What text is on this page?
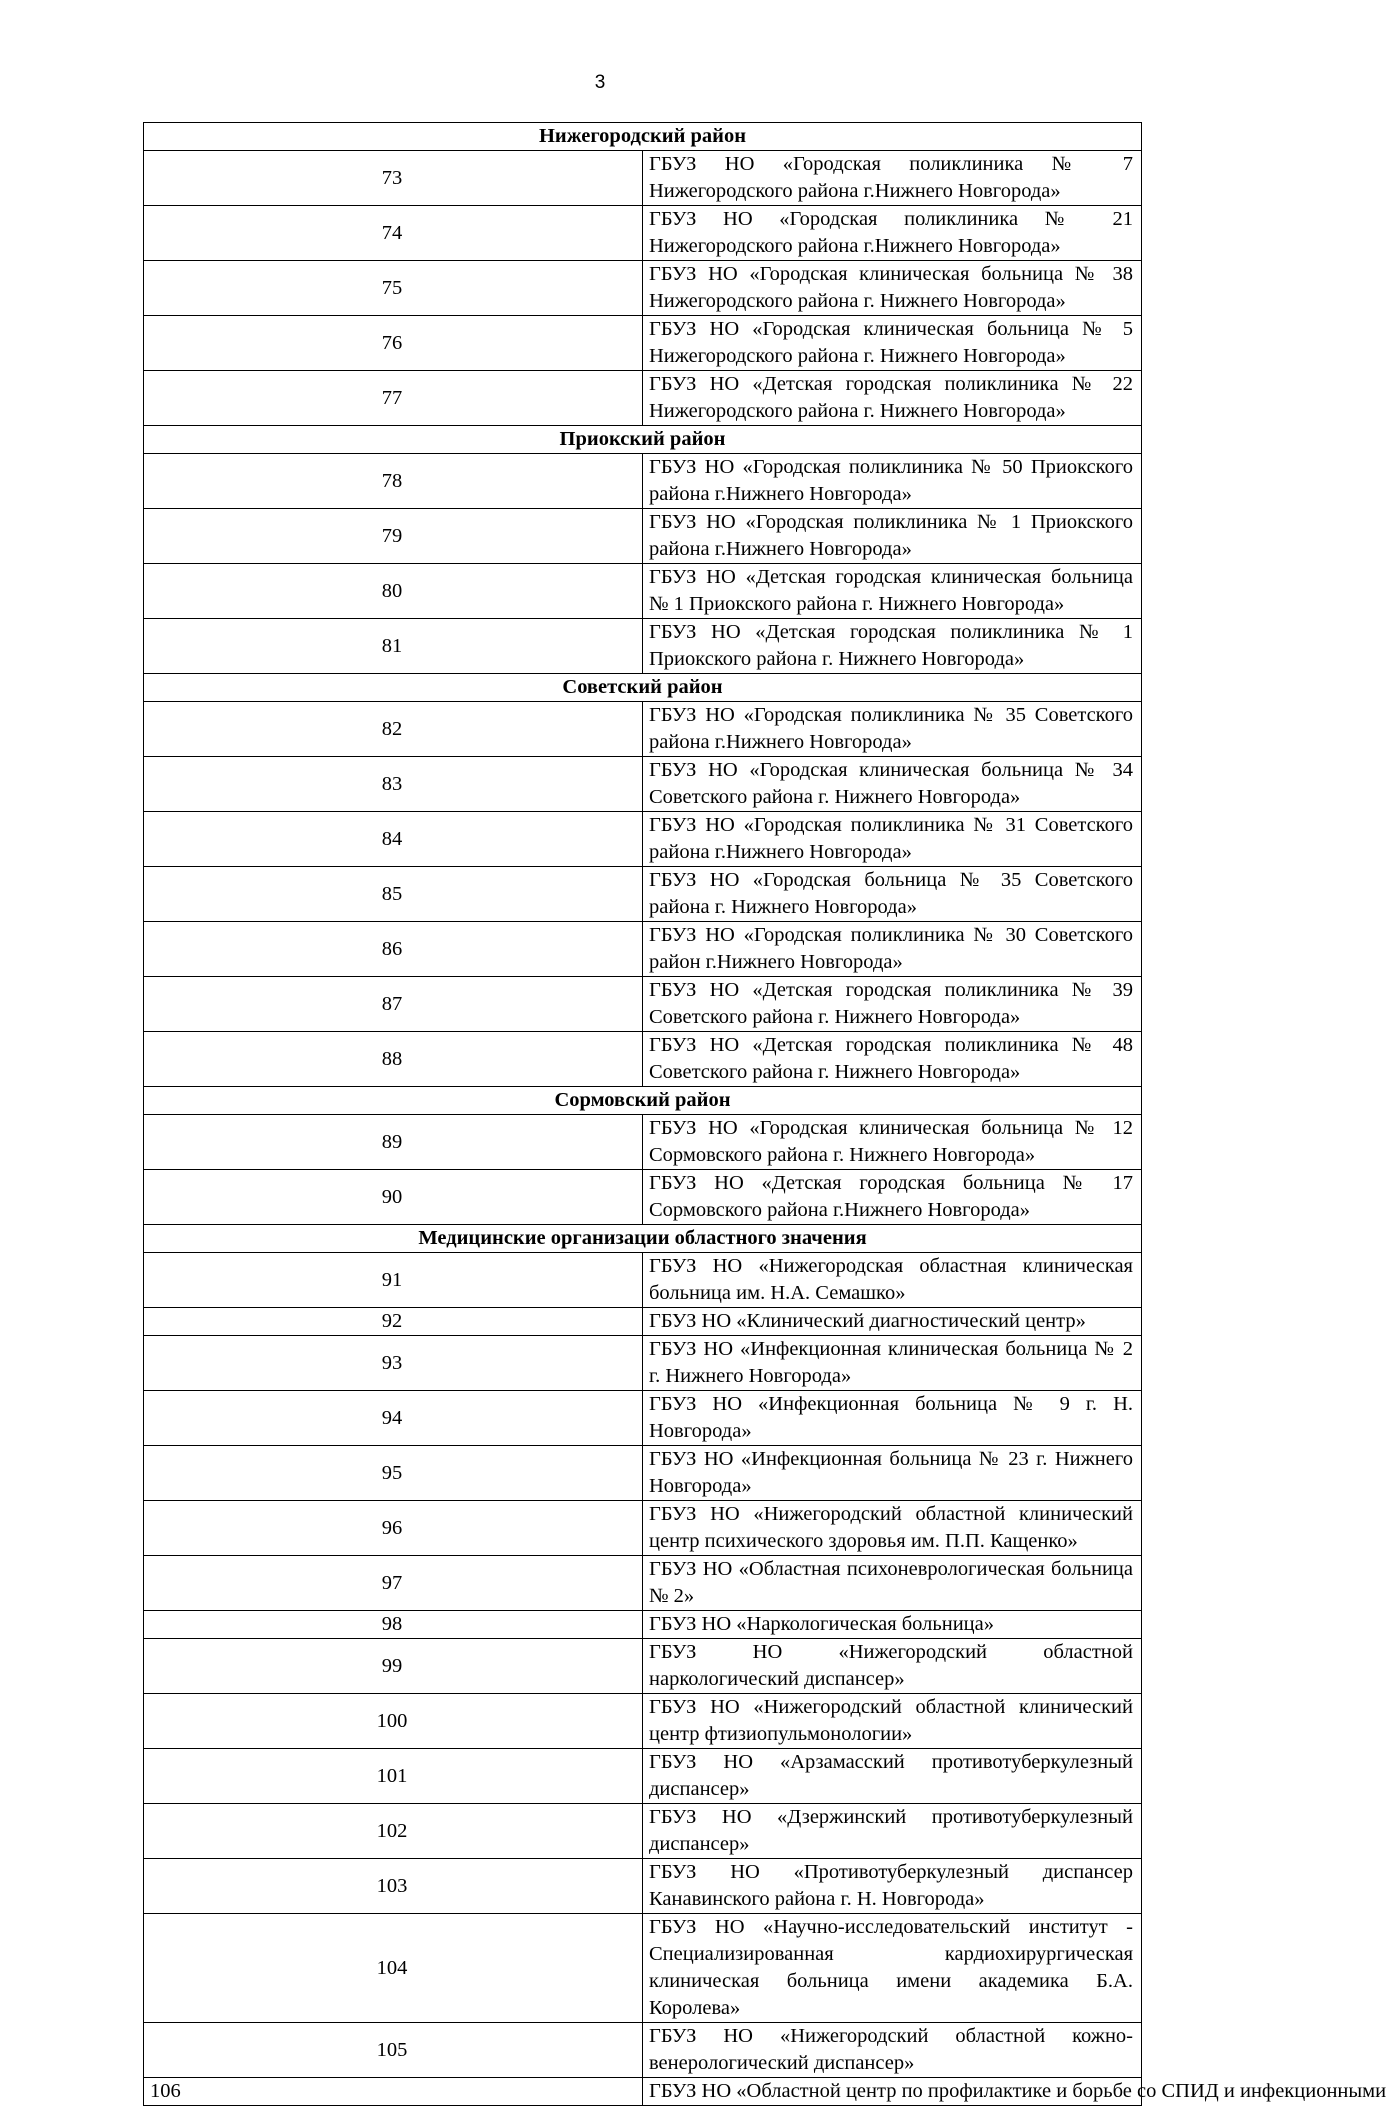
3
Нижегородский район	
73	ГБУЗ НО «Городская поликлиника № 7 Нижегородского района г.Нижнего Новгорода»
74	ГБУЗ НО «Городская поликлиника № 21 Нижегородского района г.Нижнего Новгорода»
75	ГБУЗ НО «Городская клиническая больница № 38 Нижегородского района г. Нижнего Новгорода»
76	ГБУЗ НО «Городская клиническая больница № 5 Нижегородского района г. Нижнего Новгорода»
77	ГБУЗ НО «Детская городская поликлиника № 22 Нижегородского района г. Нижнего Новгорода»
Приокский район	
78	ГБУЗ НО «Городская поликлиника № 50 Приокского района г.Нижнего Новгорода»
79	ГБУЗ НО «Городская поликлиника № 1 Приокского района г.Нижнего Новгорода»
80	ГБУЗ НО «Детская городская клиническая больница № 1 Приокского района г. Нижнего Новгорода»
81	ГБУЗ НО «Детская городская поликлиника № 1 Приокского района г. Нижнего Новгорода»
Советский район	
82	ГБУЗ НО «Городская поликлиника № 35 Советского района г.Нижнего Новгорода»
83	ГБУЗ НО «Городская клиническая больница № 34 Советского района г. Нижнего Новгорода»
84	ГБУЗ НО «Городская поликлиника № 31 Советского района г.Нижнего Новгорода»
85	ГБУЗ НО «Городская больница № 35 Советского района г. Нижнего Новгорода»
86	ГБУЗ НО «Городская поликлиника № 30 Советского район г.Нижнего Новгорода»
87	ГБУЗ НО «Детская городская поликлиника № 39 Советского района г. Нижнего Новгорода»
88	ГБУЗ НО «Детская городская поликлиника № 48 Советского района г. Нижнего Новгорода»
Сормовский район	
89	ГБУЗ НО «Городская клиническая больница № 12 Сормовского района г. Нижнего Новгорода»
90	ГБУЗ НО «Детская городская больница № 17 Сормовского района г.Нижнего Новгорода»
Медицинские организации областного значения	
91	ГБУЗ НО «Нижегородская областная клиническая больница им. Н.А. Семашко»
92	ГБУЗ НО «Клинический диагностический центр»
93	ГБУЗ НО «Инфекционная клиническая больница № 2 г. Нижнего Новгорода»
94	ГБУЗ НО «Инфекционная больница № 9 г. Н. Новгорода»
95	ГБУЗ НО «Инфекционная больница № 23 г. Нижнего Новгорода»
96	ГБУЗ НО «Нижегородский областной клинический центр психического здоровья им. П.П. Кащенко»
97	ГБУЗ НО «Областная психоневрологическая больница № 2»
98	ГБУЗ НО «Наркологическая больница»
99	ГБУЗ НО «Нижегородский областной наркологический диспансер»
100	ГБУЗ НО «Нижегородский областной клинический центр фтизиопульмонологии»
101	ГБУЗ НО «Арзамасский противотуберкулезный диспансер»
102	ГБУЗ НО «Дзержинский противотуберкулезный диспансер»
103	ГБУЗ НО «Противотуберкулезный диспансер Канавинского района г. Н. Новгорода»
104	ГБУЗ НО «Научно-исследовательский институт - Специализированная кардиохирургическая клиническая больница имени академика Б.А. Королева»
105	ГБУЗ НО «Нижегородский областной кожно-венерологический диспансер»
106	ГБУЗ НО «Областной центр по профилактике и борьбе со СПИД и инфекционными
